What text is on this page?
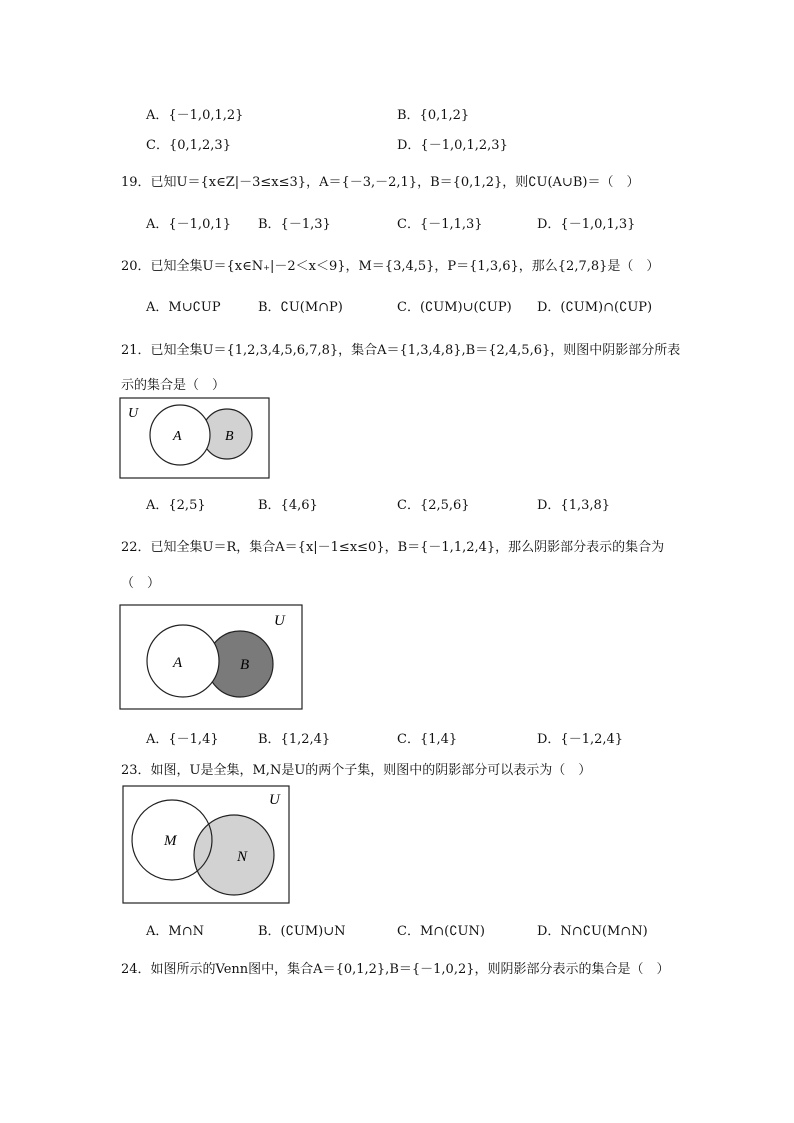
A．{－1,0,1,2}	B．{0,1,2}
C．{0,1,2,3}	D．{－1,0,1,2,3}
19．已知U＝{x∈Z|－3≤x≤3}，A＝{－3,－2,1}，B＝{0,1,2}，则∁U(A∪B)＝（　）
A．{－1,0,1} B．{－1,3}	C．{－1,1,3}	D．{－1,0,1,3}
20．已知全集U＝{x∈N₊|－2＜x＜9}，M＝{3,4,5}，P＝{1,3,6}，那么{2,7,8}是（　）
A．M∪∁UP	B．∁U(M∩P)	C．(∁UM)∪(∁UP) D．(∁UM)∩(∁UP)
21．已知全集U＝{1,2,3,4,5,6,7,8}，集合A＝{1,3,4,8},B＝{2,4,5,6}，则图中阴影部分所表
示的集合是（　）
U
A	B
A．{2,5}	B．{4,6}	C．{2,5,6}	D．{1,3,8}
22．已知全集U＝R，集合A＝{x|－1≤x≤0}，B＝{－1,1,2,4}，那么阴影部分表示的集合为
（　）
U
A	B
A．{－1,4}	B．{1,2,4}	C．{1,4}	D．{－1,2,4}
23．如图，U是全集，M,N是U的两个子集，则图中的阴影部分可以表示为（　）
U
M
N
A．M∩N	B．(∁UM)∪N	C．M∩(∁UN)	D．N∩∁U(M∩N)
24．如图所示的Venn图中，集合A＝{0,1,2},B＝{－1,0,2}，则阴影部分表示的集合是（　）
